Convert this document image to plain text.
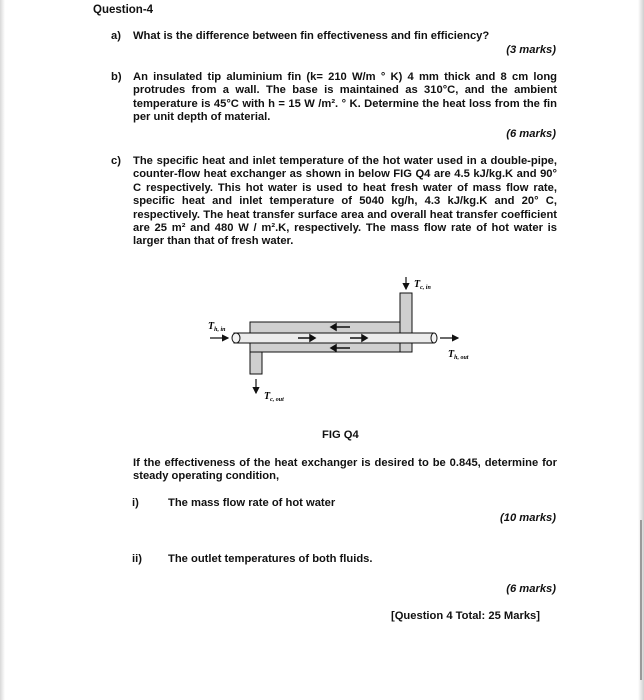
Question-4
a) What is the difference between fin effectiveness and fin efficiency?
(3 marks)
b) An insulated tip aluminium fin (k= 210 W/m ° K) 4 mm thick and 8 cm long protrudes from a wall. The base is maintained as 310°C, and the ambient temperature is 45°C with h = 15 W /m². ° K. Determine the heat loss from the fin per unit depth of material.
(6 marks)
c) The specific heat and inlet temperature of the hot water used in a double-pipe, counter-flow heat exchanger as shown in below FIG Q4 are 4.5 kJ/kg.K and 90° C respectively. This hot water is used to heat fresh water of mass flow rate, specific heat and inlet temperature of 5040 kg/h, 4.3 kJ/kg.K and 20° C, respectively. The heat transfer surface area and overall heat transfer coefficient are 25 m² and 480 W / m².K, respectively. The mass flow rate of hot water is larger than that of fresh water.
$T_{h, in}$
$T_{c, in}$
$T_{h, out}$
$T_{c, out}$
FIG Q4
If the effectiveness of the heat exchanger is desired to be 0.845, determine for steady operating condition,
i)	The mass flow rate of hot water
(10 marks)
ii) The outlet temperatures of both fluids.
(6 marks)
[Question 4 Total: 25 Marks]
